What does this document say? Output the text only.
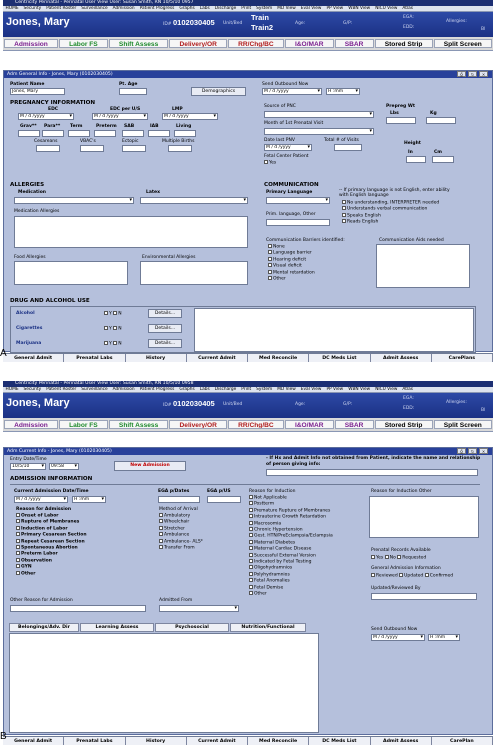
Centricity Perinatal - Perinatal User View User: Susan Smith, RN 10/5/10 0957
HOME	Security	Patient Roster	Surveillance	Admission	Patient Progress	Graphs	Labs	Discharge	Print	System	MD View	Eval View	PP View	WBN View	NICU View	Atlas
Jones, Mary	ID# 0102030405 Unit/Bed
Train
Train2	Age:	G/P:
EGA:
EDD:
Allergies:
Bl
Admission	Labor FS	Shift Assess	Delivery/OR	RR/Chg/BC	I&O/MAR	SBAR	Stored Strip	Split Screen
Adm General Info - Jones, Mary (0102030405)	⎙	↻	✕
Patient Name
Jones, Mary
Pt. Age
Demographics
Send Outbound Now
M / d /yyyy ▾	H :mm ▾
PREGNANCY INFORMATION
EDC	EDC per U/S	LMP
M / d /yyyy ▾	M / d /yyyy ▾	M / d /yyyy ▾
Grav** Para** Term	Preterm SAB	IAB	Living
Cesareans	VBAC's	Ectopic	Multiple Births
Source of PNC
▾
Month of 1st Prenatal Visit
▾
Date last PNV	Total # of Visits
M / d /yyyy ▾
Fetal Center Patient
Yes
Prepreg Wt
Lbs	Kg
Height
In	Cm
ALLERGIES
Medication	Latex
▾
▾
Medication Allergies
Food Allergies	Environmental Allergies
COMMUNICATION
Primary Language
▾	-- If primary language is not English, enter ability with English language
No understanding, INTERPRETER needed
Understands verbal communication
Speaks English
Reads English
Prim. language, Other
Communication Barriers identified:
None
Language barrier
Hearing deficit
Visual deficit
Mental retardation
Other
Communication Aids needed
DRUG AND ALCOHOL USE
Alcohol	Y N	Details...
Cigarettes	Y N	Details...
Marijuana	Y N	Details...
General Admit	Prenatal Labs	History	Current Admit	Med Reconcile	DC Meds List	Admit Assess	CarePlans
A
Centricity Perinatal - Perinatal User View User: Susan Smith, RN 10/5/10 0958
HOME	Security	Patient Roster	Surveillance	Admission	Patient Progress	Graphs	Labs	Discharge	Print	System	MD View	Eval View	PP View	WBN View	NICU View	Atlas
Jones, Mary	ID# 0102030405 Unit/Bed	Age:	G/P:
EGA:
EDD:
Allergies:
Bl
Admission	Labor FS	Shift Assess	Delivery/OR	RR/Chg/BC	I&O/MAR	SBAR	Stored Strip	Split Screen
Adm Current Info - Jones, Mary (0102030405)	⎙	↻	✕
Entry Date/Time
10/5/10 ▾	09:58 ▾	New Admission
- If Hx and Admit Info not obtained from Patient, indicate the name and relationship of person giving info:
ADMISSION INFORMATION
Current Admission Date/Time
M / d /yyyy ▾	H :mm ▾
EGA p/Dates	EGA p/US
Reason for Admission
Onset of Labor
Rupture of Membranes
Induction of Labor
Primary Cesarean Section
Repeat Cesarean Section
Spontaneous Abortion
Preterm Labor
Observation
GYN
Other
Method of Arrival
Ambulatory
Wheelchair
Stretcher
Ambulance
Ambulance- ALS*
Transfer From
Reason for Induction
Not Applicable
Postterm
Premature Rupture of Membranes
Intrauterine Growth Retardation
Macrosomia
Chronic Hypertension
Gest. HTN/PreEclampsia/Eclampsia
Maternal Diabetes
Maternal Cardiac Disease
Successful External Version
Indicated by Fetal Testing
Oligohydramnios
Polyhydramnios
Fetal Anomalies
Fetal Demise
Other
Reason for Induction Other
Prenatal Records Available
Yes No Requested
General Admission Information
Reviewed Updated Confirmed
Updated/Reviewed By
Other Reason for Admission	Admitted From
▾
Belongings/Adv. Dir	Learning Assess	Psychosocial	Nutrition/Functional	Send Outbound Now
M / d /yyyy ▾	H :mm ▾
General Admit	Prenatal Labs	History	Current Admit	Med Reconcile	DC Meds List	Admit Assess	CarePlan
B
